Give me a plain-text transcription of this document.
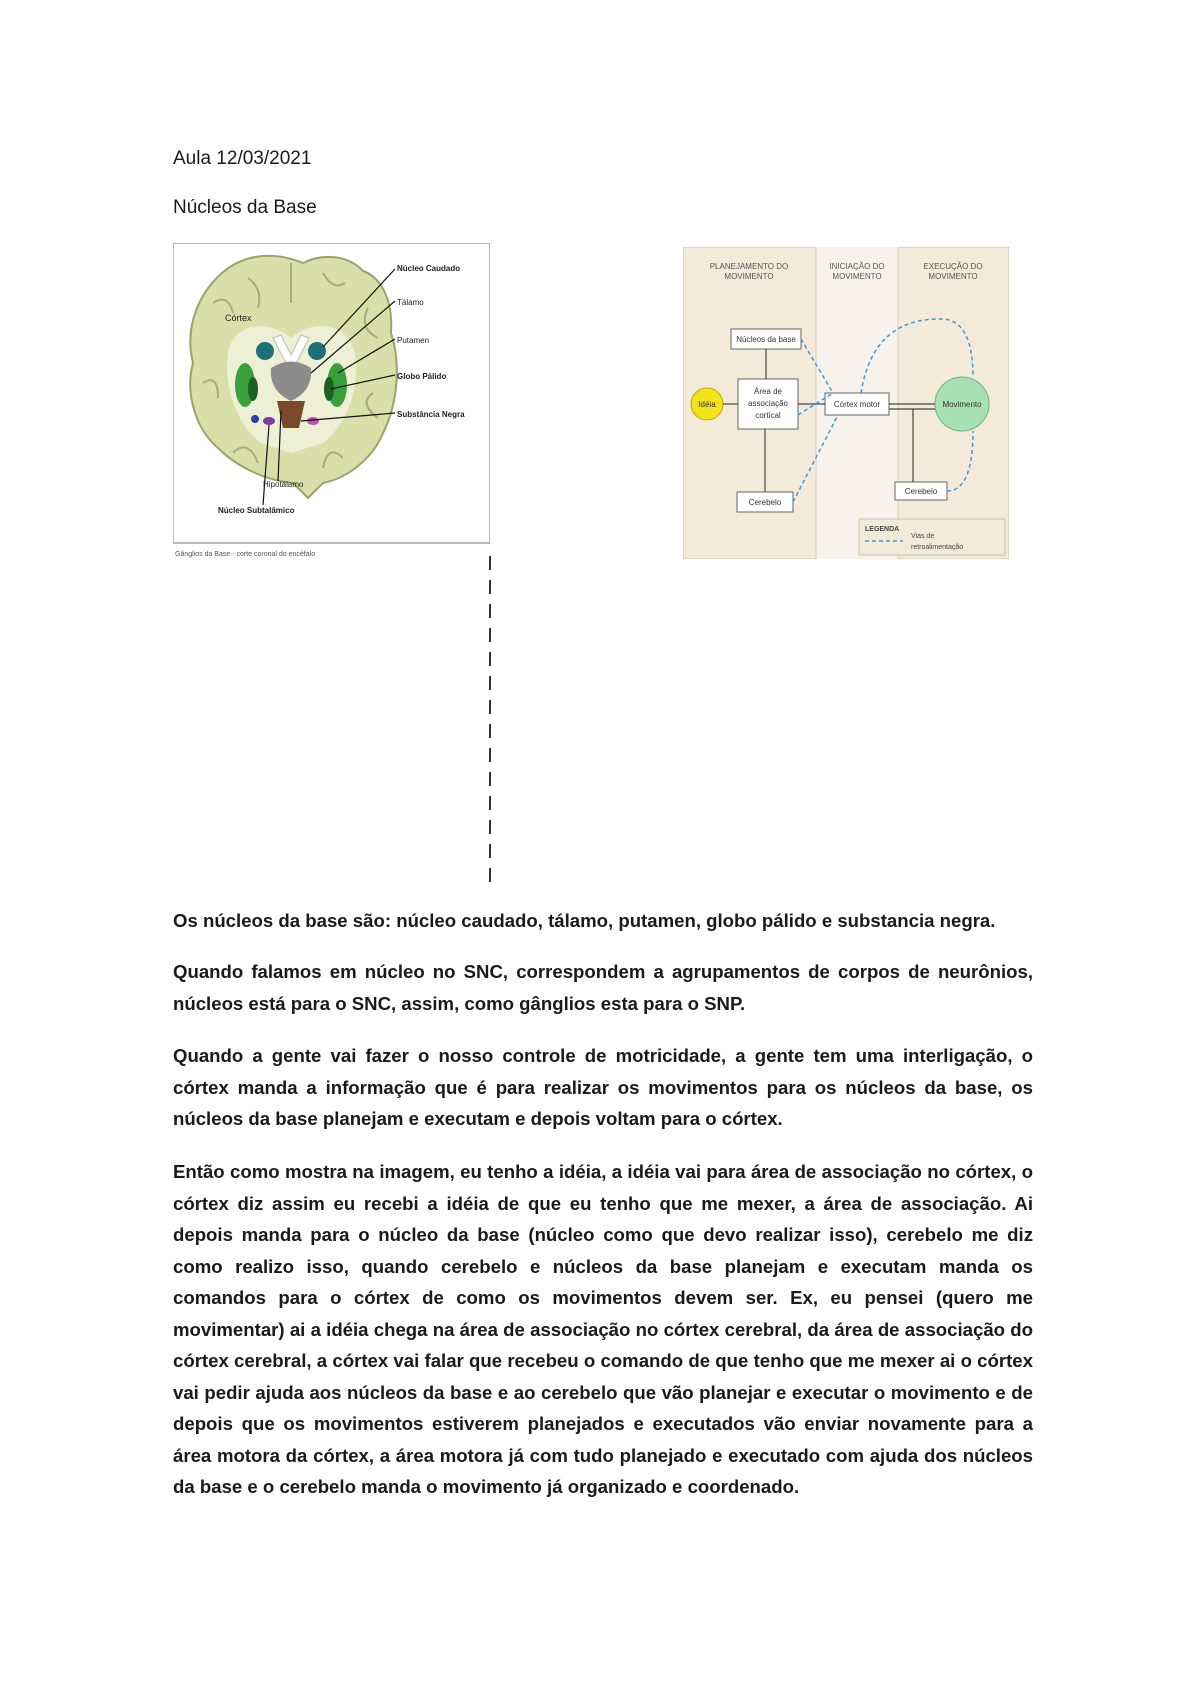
Aula 12/03/2021
Núcleos da Base
Córtex
Núcleo Caudado
Tálamo
Putamen
Globo Pálido
Substância Negra
Hipotálamo
Núcleo Subtalâmico
Gânglios da Base - corte coronal do encéfalo
PLANEJAMENTO DO
MOVIMENTO
INICIAÇÃO DO
MOVIMENTO
EXECUÇÃO DO
MOVIMENTO
Núcleos da base
Idéia
Área de
associação
cortical
Córtex motor	Movimento
Cerebelo
Cerebelo
LEGENDA
Vias de
retroalimentação

Os núcleos da base são: núcleo caudado, tálamo, putamen, globo pálido e substancia negra.

Quando falamos em núcleo no SNC, correspondem a agrupamentos de corpos de neurônios, núcleos está para o SNC, assim, como gânglios esta para o SNP.

Quando a gente vai fazer o nosso controle de motricidade, a gente tem uma interligação, o córtex manda a informação que é para realizar os movimentos para os núcleos da base, os núcleos da base planejam e executam e depois voltam para o córtex.

Então como mostra na imagem, eu tenho a idéia, a idéia vai para área de associação no córtex, o córtex diz assim eu recebi a idéia de que eu tenho que me mexer, a área de associação. Ai depois manda para o núcleo da base (núcleo como que devo realizar isso), cerebelo me diz como realizo isso, quando cerebelo e núcleos da base planejam e executam manda os comandos para o córtex de como os movimentos devem ser. Ex, eu pensei (quero me movimentar) ai a idéia chega na área de associação no córtex cerebral, da área de associação do córtex cerebral, a córtex vai falar que recebeu o comando de que tenho que me mexer ai o córtex vai pedir ajuda aos núcleos da base e ao cerebelo que vão planejar e executar o movimento e de depois que os movimentos estiverem planejados e executados vão enviar novamente para a área motora da córtex, a área motora já com tudo planejado e executado com ajuda dos núcleos da base e o cerebelo manda o movimento já organizado e coordenado.
